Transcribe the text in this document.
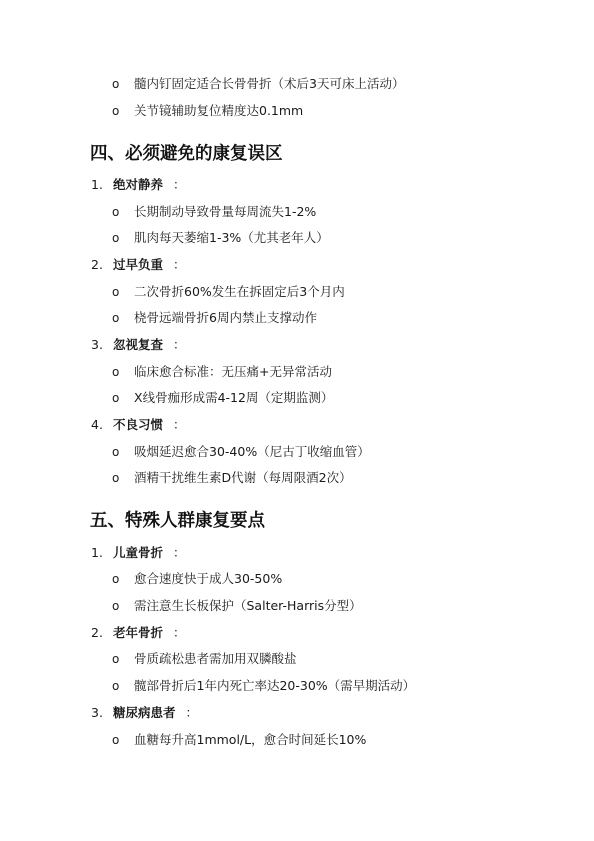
o 髓内钉固定适合长骨骨折（术后3天可床上活动）
o 关节镜辅助复位精度达0.1mm
四、必须避免的康复误区
1. 绝对静养 ：
o 长期制动导致骨量每周流失1-2%
o 肌肉每天萎缩1-3%（尤其老年人）
2. 过早负重 ：
o 二次骨折60%发生在拆固定后3个月内
o 桡骨远端骨折6周内禁止支撑动作
3. 忽视复查 ：
o 临床愈合标准：无压痛+无异常活动
o X线骨痂形成需4-12周（定期监测）
4. 不良习惯 ：
o 吸烟延迟愈合30-40%（尼古丁收缩血管）
o 酒精干扰维生素D代谢（每周限酒2次）
五、特殊人群康复要点
1. 儿童骨折 ：
o 愈合速度快于成人30-50%
o 需注意生长板保护（Salter-Harris分型）
2. 老年骨折 ：
o 骨质疏松患者需加用双膦酸盐
o 髋部骨折后1年内死亡率达20-30%（需早期活动）
3. 糖尿病患者 ：
o 血糖每升高1mmol/L，愈合时间延长10%
